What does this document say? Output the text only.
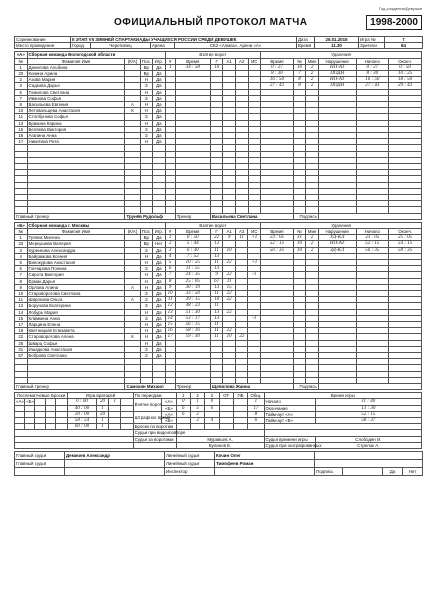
Год рождения/Девушки
ОФИЦИАЛЬНЫЙ ПРОТОКОЛ МАТЧА	1998-2000
Соревнование	II ЭТАП VII ЗИМНЕЙ СПАРТАКИАДЫ УЧАЩИХСЯ РОССИИ СРЕДИ ДЕВУШЕК				Дата	25.01.2015	Игра №	7
Место проведения	Город	Череповец	Арена	СКЗ «Алмаз». Арена «А»	Время	11.30	Зрители	84
«А»	Сборная команда Вологодской области				Взятие ворот						Удаления					
№	Фамилия Имя	(К/А)	Поз.	Игр.	#	Время	Г	А1	А2	ИС	Время	№	Мин	Нарушение	Начало	Оконч.
1	Данилова Альбина		Вр	Да	1	34 : 58	10				0 : 27	10	2	НП-АТ	0 : 27	0 : 50
20	Конина Арина		Вр	Да							8 : 30	7	2	ПОДН	8 : 30	10 : 25
2	Азова Мария		Н	Да							16 : 50	8	2	НП-АТ	16 : 50	18 : 50
3	Садкова Дарья		З	Да							27 : 43	8	2	ПОДН	27 : 43	29 : 43
6	Томилова Светлана		Н	Да												
7	Иванова Софья		З	Да												
8	Васильева Евгения	А	Н	Да												
10	Летовальцева Анастасия	К	Н	Да												
11	Столбунова Софья		З	Да												
13	Брикина Карина		Н	Да												
15	Беляева Виктория		З	Да												
16	Агапина Анна		З	Да												
17	Никитина Рита		Н	Да												

Главный тренер		Трунёв Рудольф				Тренер	Васильева Светлана					Подпись				
«Б»	Сборная команда г. Москвы				Взятие ворот						Удаления					
№	Фамилия Имя	(К/А)	Поз.	Игр.	#	Время	Г	А1	А2	ИС	Время	№	Мин	Нарушение	Начало	Оконч.
1	Тряпик Милена		Вр	Да	1	0 : 50	22	9	11	+1	23 : 05	31	2	УД-КЛ	23 : 05	25 : 05
33	Меркушева Валерия		Вр	Нет	2	5 : 44	13				52 : 15	10	2	НП-АТ	52 : 15	54 : 15
3	Куренкова Александра		З	Да	3	6 : 30	11	10			56 : 35	10	2	ЗД-КЛ	56 : 35	58 : 35
4	Байрамова Ксения		Н	Да	4	7 : 52	13									
5	Винокурова Анастасия		Н	Да	5	10 : 25	11	22		+1						
6	Гончарова Полина		З	Да	6	11 : 55	13									
7	Сирота Виктория		Н	Да	7	24 : 35	9	22		-1						
8	Ермак Дарья		Н	Да	8	25 : 05	67	11								
9	Орлова Алина	А	Н	Да	9	30 : 19	13	15								
10	Староворотова Светлана		З	Да	10	33 : 50	11	22								
11	Широкова Ольга	А	З	Да	11	39 : 15	10	22								
12	Борунова Екатерина		З	Да	12	48 : 23	11									
14	Лобурь Мария		Н	Да	13	51 : 30	13	22								
15	Климкина Анна		З	Да	14	53 : 17	13			-1						
17	Ларцина Елена		Н	Да	15	56 : 15	11									
19	Кветницкая Елизавета		Н	Да	16	58 : 16	11	22								
22	Староворотова Алена	К	Н	Да	17	59 : 30	11	10	22							
25	Шварц Софья		Н	Да												
31	Ишадкова Анастасия		З	Да												
67	Боброва Светлана		З	Да												

Главный тренер		Самохин Михаил				Тренер	Щепилова Жанна					Подпись				
Послематчевые Броски					Игра вратарей				По периодам		1	2	3	ОТ	ПБ	Общ.	Время игры	
«А»	«Б»				0 : 00	20	1		Взятие ворот	«А»	0	1	0			1	Начало	11 : 40
					40 : 00	1				«Б»	6	5	6			17	Окончание	13 : 30
					20 : 00	20			Штрафное время	«А»	6	2				8	Тайм-аут «А»	52 : 15
					58 : 54	1				«Б»		2	4			6	Тайм-аут «Б»	58 : 37
					60 : 00	1			Броски по воротам									
									Судьи при видеоповторе									
									Судья за воротами		Муравьев А.						Судья времени игры	Слободян И.
											Буланов Е.						Судья при оштрафованных	Стрелок А.
Главный судья	Демичев Александр	Линейный судья	Кочин Олег				
Главный судья		Линейный судья	Тимофеев Роман				
		Инспектор		Подпись		Да	Нет
